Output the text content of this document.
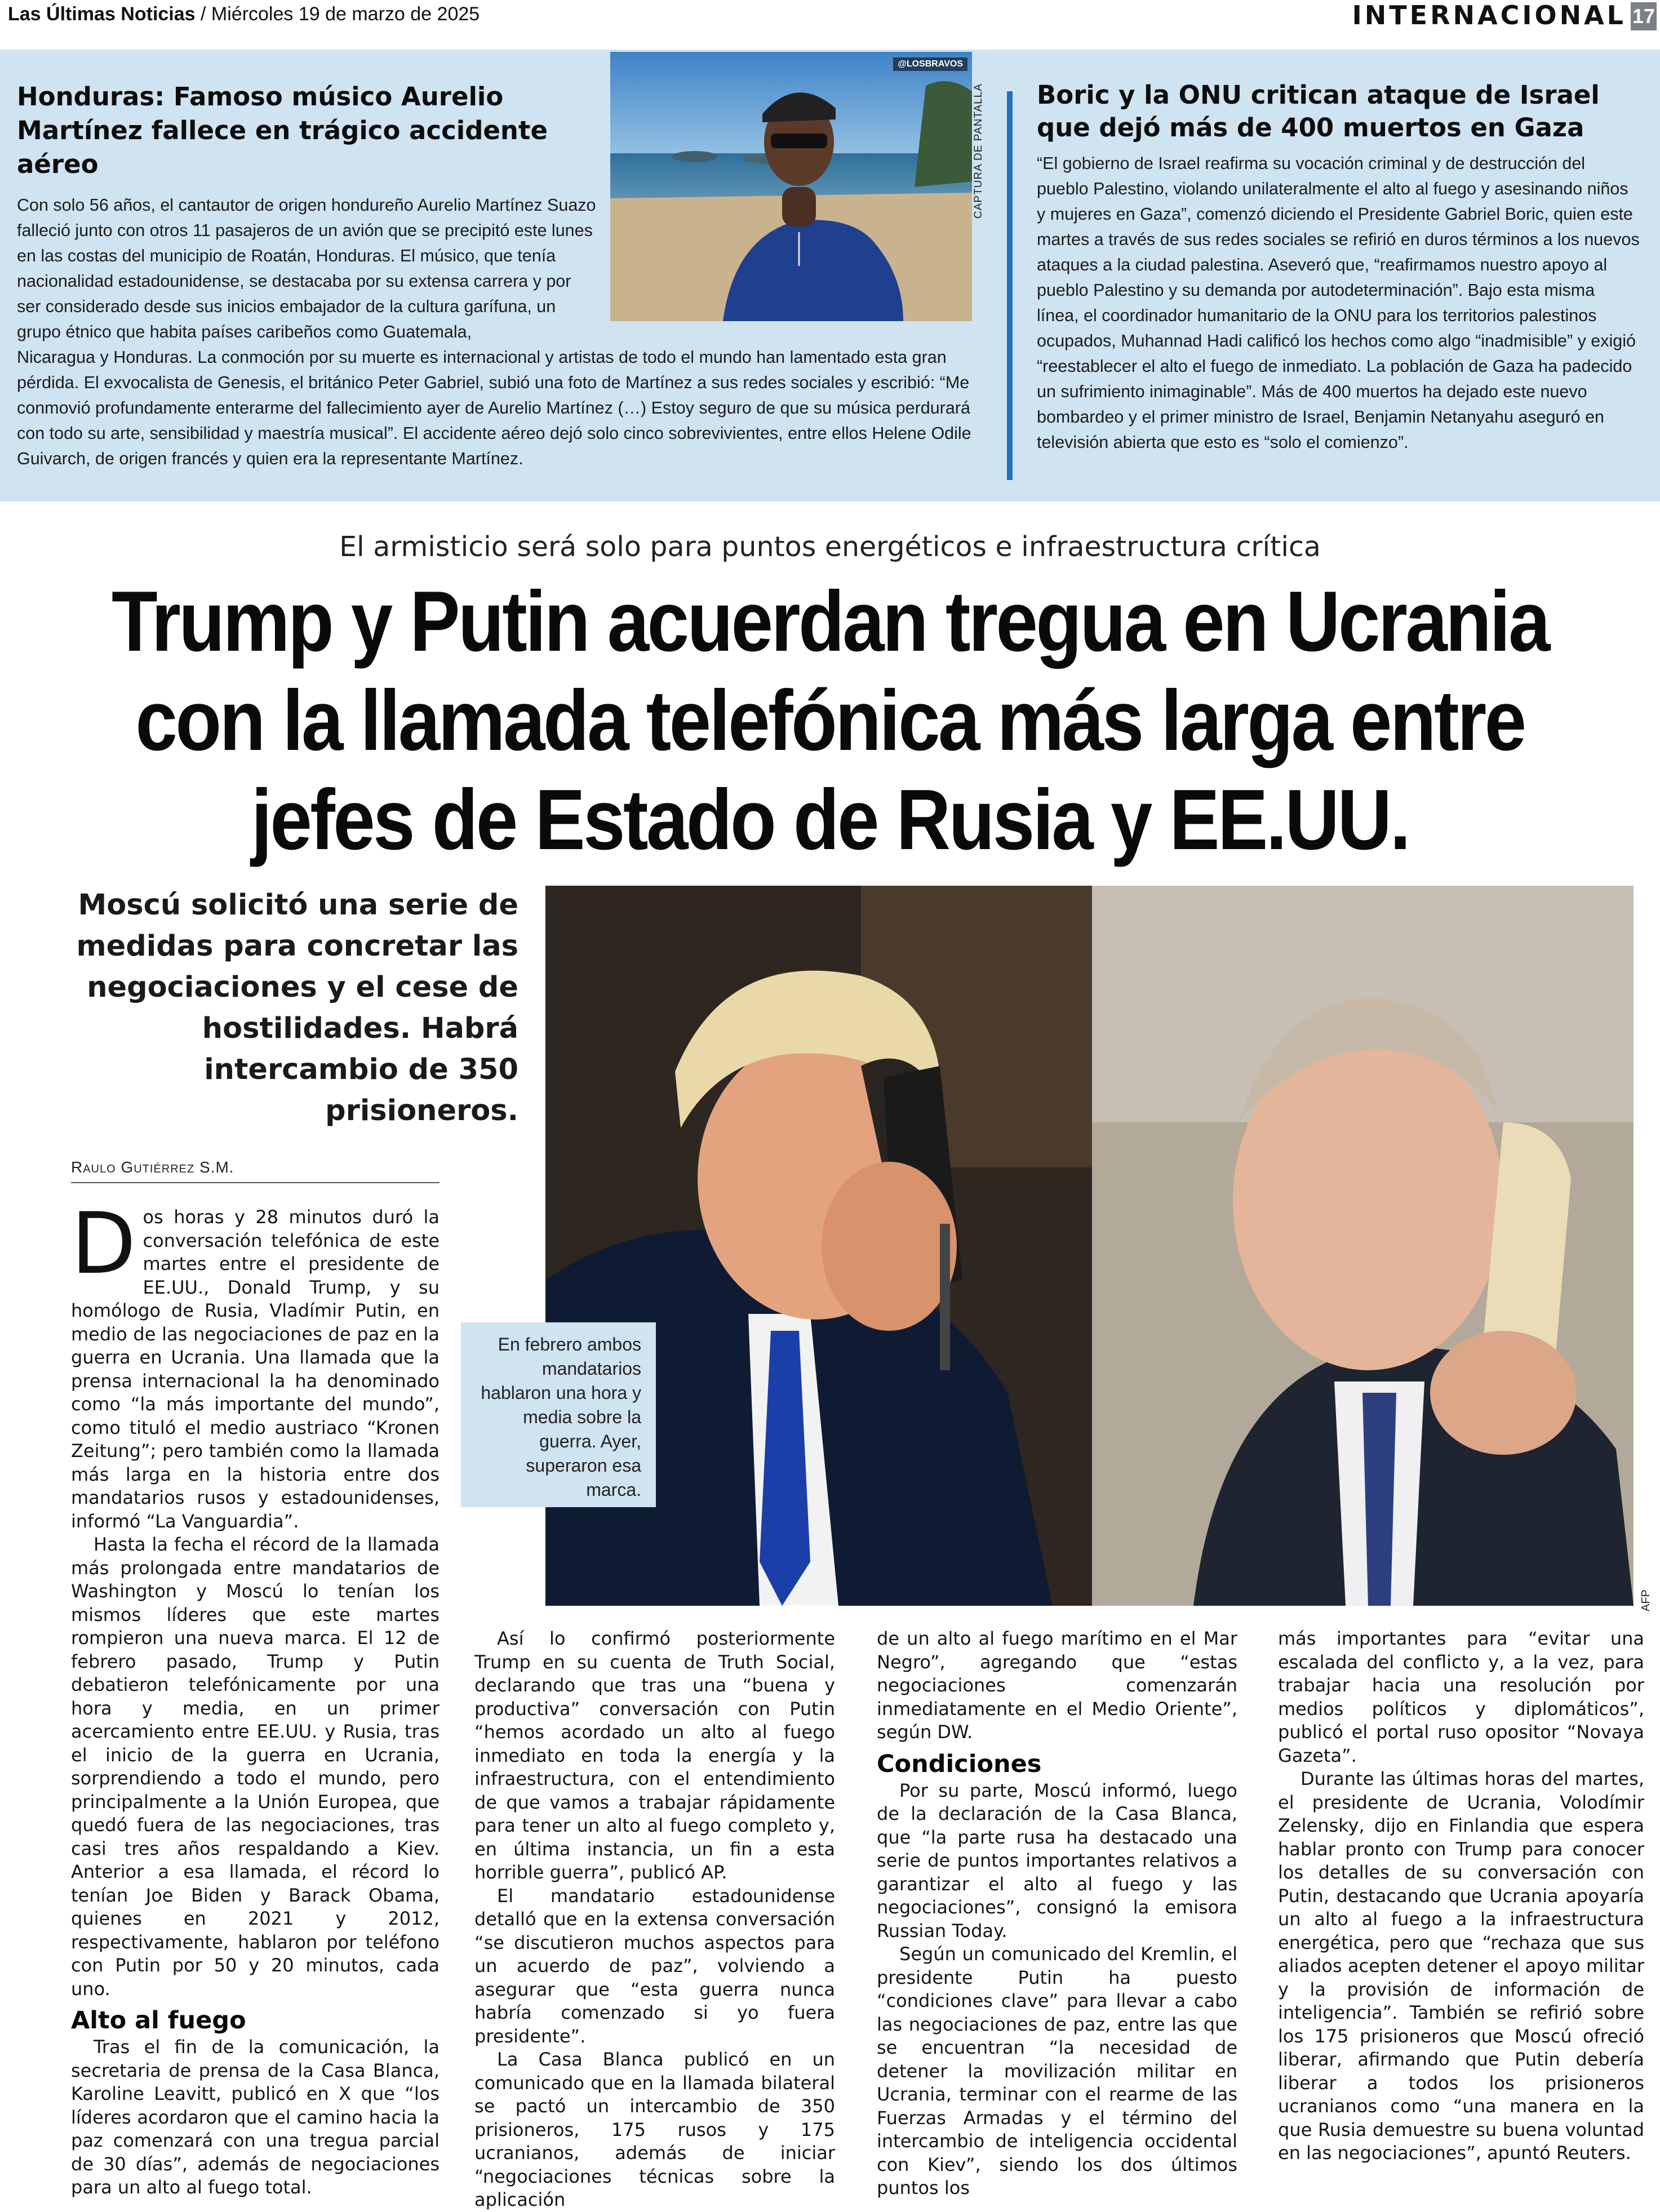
Las Últimas Noticias / Miércoles 19 de marzo de 2025	INTERNACIONAL 17
Honduras: Famoso músico Aurelio Martínez fallece en trágico accidente aéreo
Con solo 56 años, el cantautor de origen hondureño Aurelio Martínez Suazo falleció junto con otros 11 pasajeros de un avión que se precipitó este lunes en las costas del municipio de Roatán, Honduras. El músico, que tenía nacionalidad estadounidense, se destacaba por su extensa carrera y por ser considerado desde sus inicios embajador de la cultura garífuna, un grupo étnico que habita países caribeños como Guatemala,
Nicaragua y Honduras. La conmoción por su muerte es internacional y artistas de todo el mundo han lamentado esta gran pérdida. El exvocalista de Genesis, el británico Peter Gabriel, subió una foto de Martínez a sus redes sociales y escribió: “Me conmovió profundamente enterarme del fallecimiento ayer de Aurelio Martínez (…) Estoy seguro de que su música perdurará con todo su arte, sensibilidad y maestría musical”. El accidente aéreo dejó solo cinco sobrevivientes, entre ellos Helene Odile Guivarch, de origen francés y quien era la representante Martínez.
@LOSBRAVOS
CAPTURA DE PANTALLA Boric y la ONU critican ataque de Israel que dejó más de 400 muertos en Gaza
“El gobierno de Israel reafirma su vocación criminal y de destrucción del pueblo Palestino, violando unilateralmente el alto al fuego y asesinando niños y mujeres en Gaza”, comenzó diciendo el Presidente Gabriel Boric, quien este martes a través de sus redes sociales se refirió en duros términos a los nuevos ataques a la ciudad palestina. Aseveró que, “reafirmamos nuestro apoyo al pueblo Palestino y su demanda por autodeterminación”. Bajo esta misma línea, el coordinador humanitario de la ONU para los territorios palestinos ocupados, Muhannad Hadi calificó los hechos como algo “inadmisible” y exigió “reestablecer el alto el fuego de inmediato. La población de Gaza ha padecido un sufrimiento inimaginable”. Más de 400 muertos ha dejado este nuevo bombardeo y el primer ministro de Israel, Benjamin Netanyahu aseguró en televisión abierta que esto es “solo el comienzo”.
El armisticio será solo para puntos energéticos e infraestructura crítica
Trump y Putin acuerdan tregua en Ucrania
con la llamada telefónica más larga entre
jefes de Estado de Rusia y EE.UU.
Moscú solicitó una serie de medidas para concretar las negociaciones y el cese de hostilidades. Habrá intercambio de 350 prisioneros.
AFP
En febrero ambos mandatarios hablaron una hora y media sobre la guerra. Ayer, superaron esa marca.
Raulo Gutiérrez S.M.

Dos horas y 28 minutos duró la conversación telefónica de este martes entre el presidente de EE.UU., Donald Trump, y su homólogo de Rusia, Vladímir Putin, en medio de las negociaciones de paz en la guerra en Ucrania. Una llamada que la prensa internacional la ha denominado como “la más importante del mundo”, como tituló el medio austriaco “Kronen Zeitung”; pero también como la llamada más larga en la historia entre dos mandatarios rusos y estadounidenses, informó “La Vanguardia”.

Hasta la fecha el récord de la llamada más prolongada entre mandatarios de Washington y Moscú lo tenían los mismos líderes que este martes rompieron una nueva marca. El 12 de febrero pasado, Trump y Putin debatieron telefónicamente por una hora y media, en un primer acercamiento entre EE.UU. y Rusia, tras el inicio de la guerra en Ucrania, sorprendiendo a todo el mundo, pero principalmente a la Unión Europea, que quedó fuera de las negociaciones, tras casi tres años respaldando a Kiev. Anterior a esa llamada, el récord lo tenían Joe Biden y Barack Obama, quienes en 2021 y 2012, respectivamente, hablaron por teléfono con Putin por 50 y 20 minutos, cada uno.

Alto al fuego

Tras el fin de la comunicación, la secretaria de prensa de la Casa Blanca, Karoline Leavitt, publicó en X que “los líderes acordaron que el camino hacia la paz comenzará con una tregua parcial de 30 días”, además de negociaciones para un alto al fuego total.

Así lo confirmó posteriormente Trump en su cuenta de Truth Social, declarando que tras una “buena y productiva” conversación con Putin “hemos acordado un alto al fuego inmediato en toda la energía y la infraestructura, con el entendimiento de que vamos a trabajar rápidamente para tener un alto al fuego completo y, en última instancia, un fin a esta horrible guerra”, publicó AP.

El mandatario estadounidense detalló que en la extensa conversación “se discutieron muchos aspectos para un acuerdo de paz”, volviendo a asegurar que “esta guerra nunca habría comenzado si yo fuera presidente”.

La Casa Blanca publicó en un comunicado que en la llamada bilateral se pactó un intercambio de 350 prisioneros, 175 rusos y 175 ucranianos, además de iniciar “negociaciones técnicas sobre la aplicación

de un alto al fuego marítimo en el Mar Negro”, agregando que “estas negociaciones comenzarán inmediatamente en el Medio Oriente”, según DW.

Condiciones

Por su parte, Moscú informó, luego de la declaración de la Casa Blanca, que “la parte rusa ha destacado una serie de puntos importantes relativos a garantizar el alto al fuego y las negociaciones”, consignó la emisora Russian Today.

Según un comunicado del Kremlin, el presidente Putin ha puesto “condiciones clave” para llevar a cabo las negociaciones de paz, entre las que se encuentran “la necesidad de detener la movilización militar en Ucrania, terminar con el rearme de las Fuerzas Armadas y el término del intercambio de inteligencia occidental con Kiev”, siendo los dos últimos puntos los

más importantes para “evitar una escalada del conflicto y, a la vez, para trabajar hacia una resolución por medios políticos y diplomáticos”, publicó el portal ruso opositor “Novaya Gazeta”.

Durante las últimas horas del martes, el presidente de Ucrania, Volodímir Zelensky, dijo en Finlandia que espera hablar pronto con Trump para conocer los detalles de su conversación con Putin, destacando que Ucrania apoyaría un alto al fuego a la infraestructura energética, pero que “rechaza que sus aliados acepten detener el apoyo militar y la provisión de información de inteligencia”. También se refirió sobre los 175 prisioneros que Moscú ofreció liberar, afirmando que Putin debería liberar a todos los prisioneros ucranianos como “una manera en la que Rusia demuestre su buena voluntad en las negociaciones”, apuntó Reuters.
